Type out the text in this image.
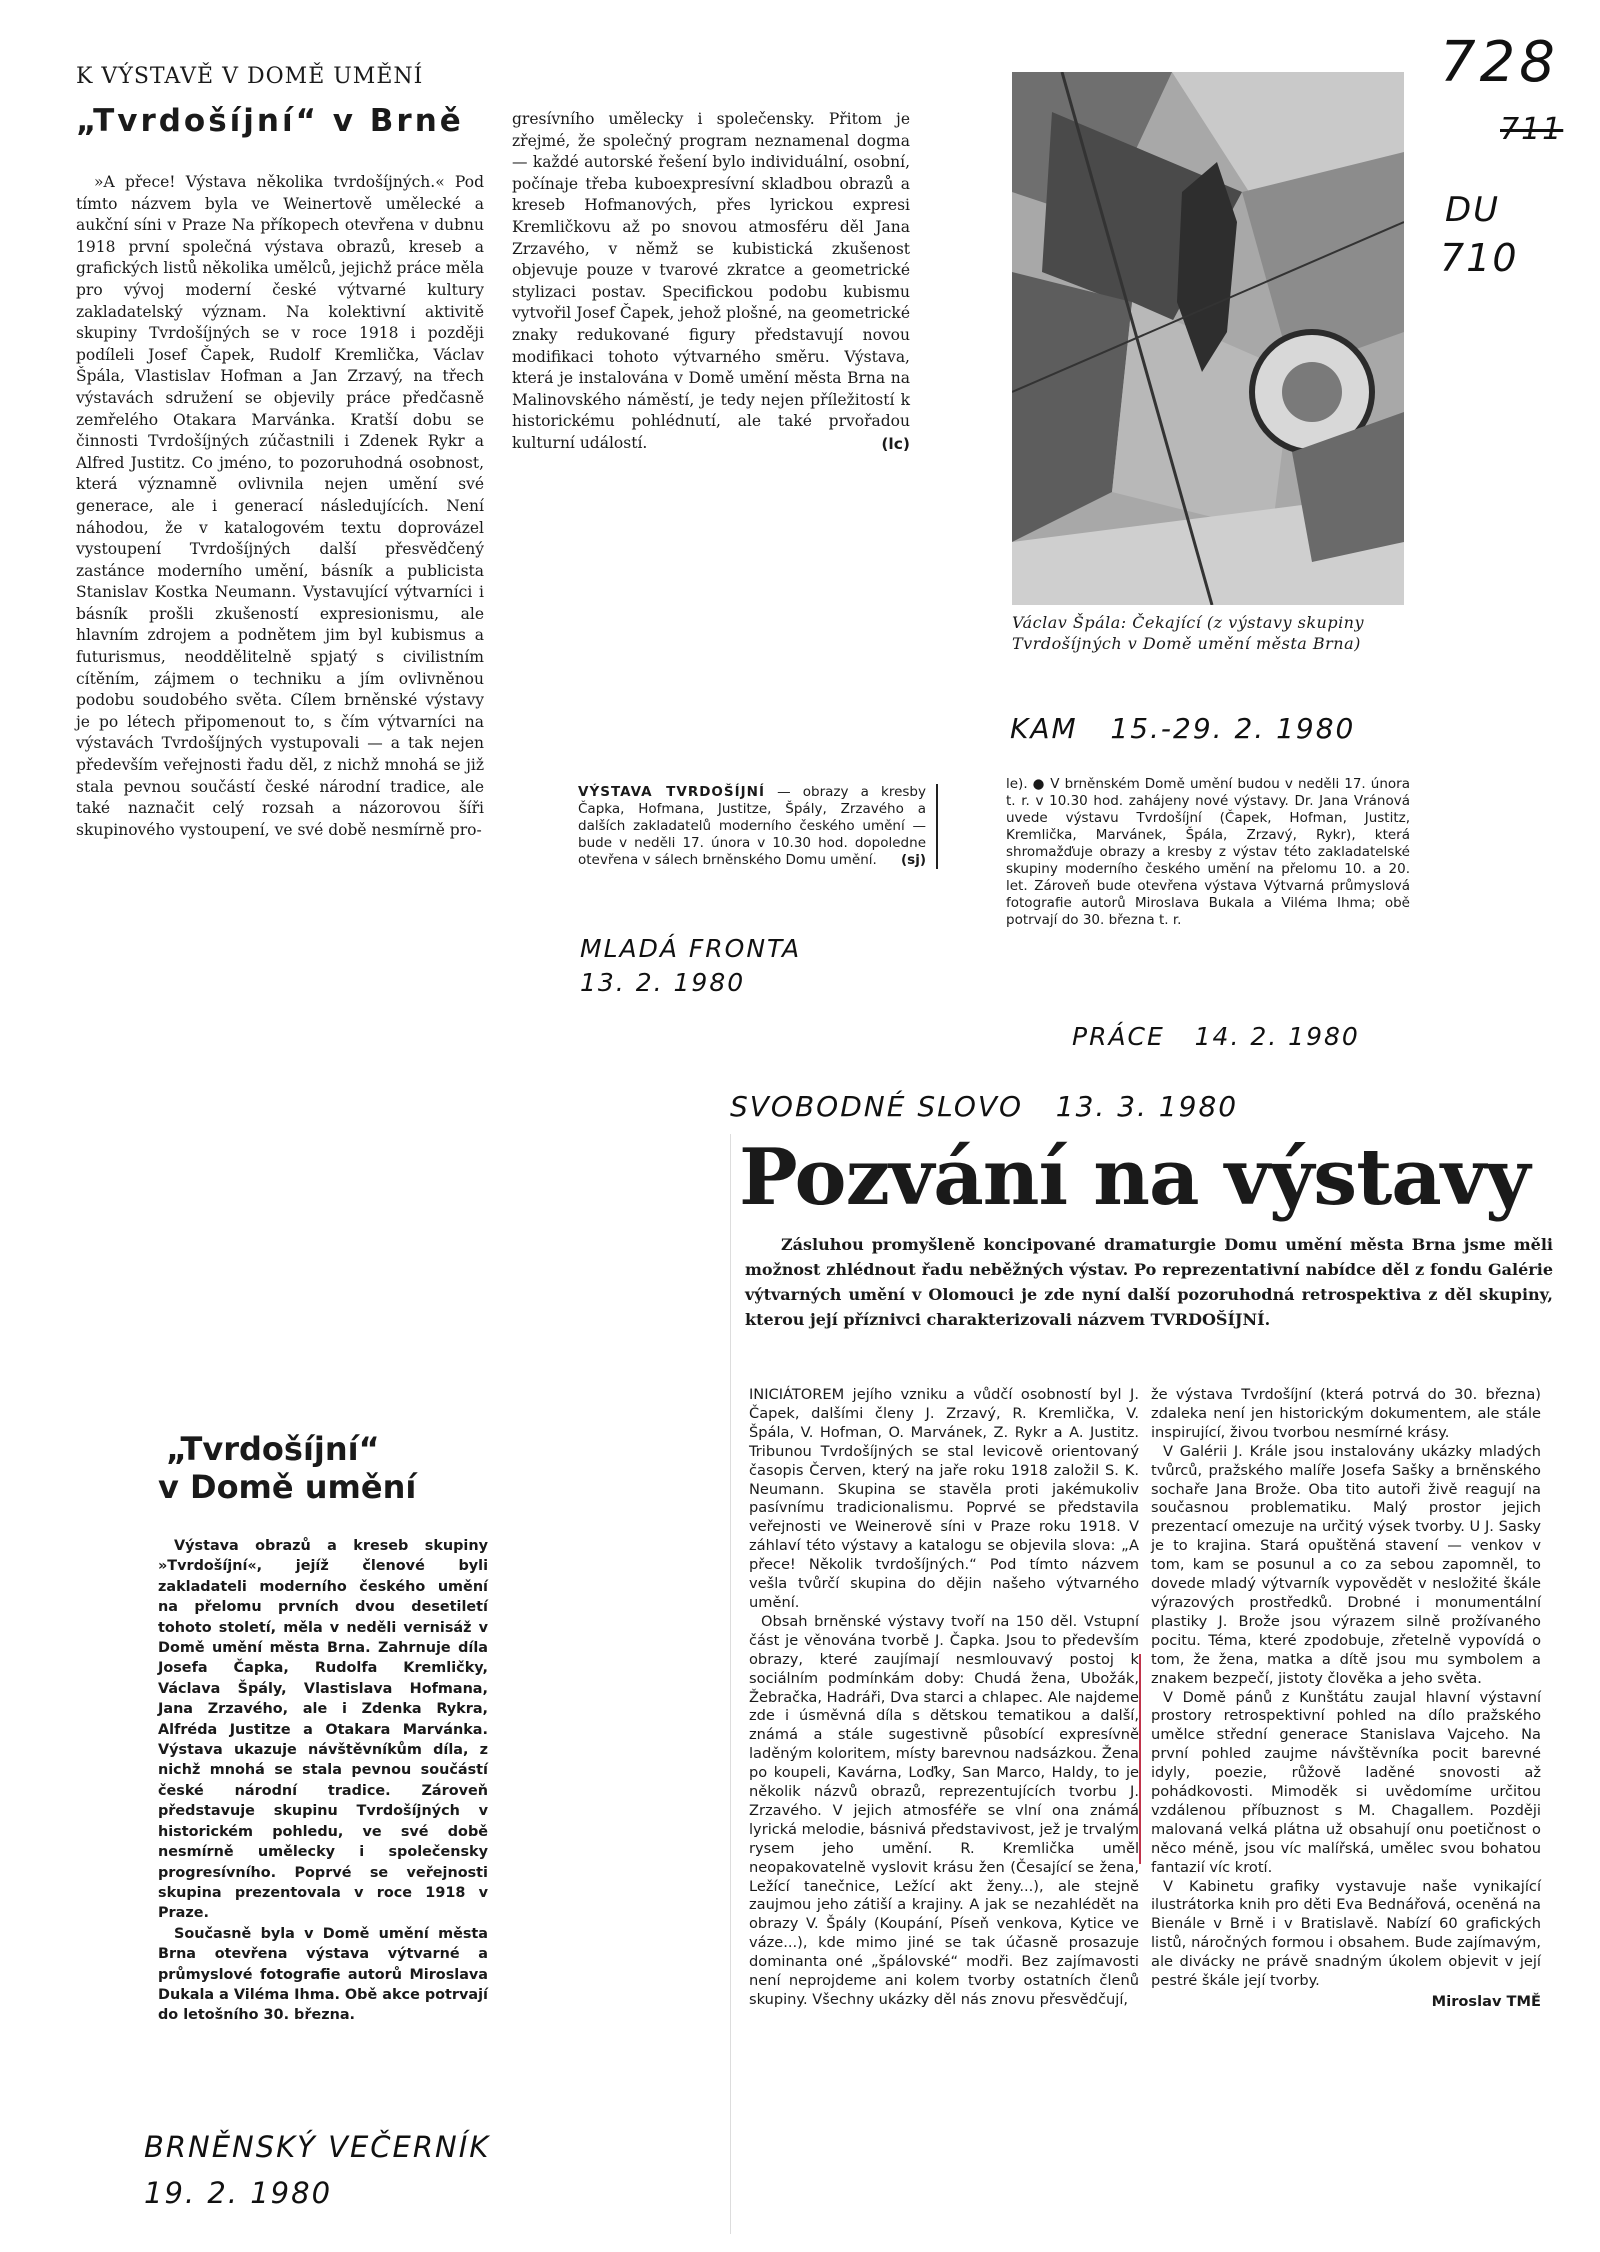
728
711
DU
710
K VÝSTAVĚ V DOMĚ UMĚNÍ
„Tvrdošíjní“ v Brně

»A přece! Výstava několika tvrdošíjných.« Pod tímto názvem byla ve Weinertově umělecké a aukční síni v Praze Na příkopech otevřena v dubnu 1918 první společná výstava obrazů, kreseb a grafických listů několika umělců, jejichž práce měla pro vývoj moderní české výtvarné kultury zakladatelský význam. Na kolektivní aktivitě skupiny Tvrdošíjných se v roce 1918 i později podíleli Josef Čapek, Rudolf Kremlička, Václav Špála, Vlastislav Hofman a Jan Zrzavý, na třech výstavách sdružení se objevily práce předčasně zemřelého Otakara Marvánka. Kratší dobu se činnosti Tvrdošíjných zúčastnili i Zdenek Rykr a Alfred Justitz. Co jméno, to pozoruhodná osobnost, která významně ovlivnila nejen umění své generace, ale i generací následujících. Není náhodou, že v katalogovém textu doprovázel vystoupení Tvrdošíjných další přesvědčený zastánce moderního umění, básník a publicista Stanislav Kostka Neumann. Vystavující výtvarníci i básník prošli zkušeností expresionismu, ale hlavním zdrojem a podnětem jim byl kubismus a futurismus, neoddělitelně spjatý s civilistním cítěním, zájmem o techniku a jím ovlivněnou podobu soudobého světa. Cílem brněnské výstavy je po létech připomenout to, s čím výtvarníci na výstavách Tvrdošíjných vystupovali — a tak nejen především veřejnosti řadu děl, z nichž mnohá se již stala pevnou součástí české národní tradice, ale také naznačit celý rozsah a názorovou šíři skupinového vystoupení, ve své době nesmírně pro-

gresívního umělecky i společensky. Přitom je zřejmé, že společný program neznamenal dogma — každé autorské řešení bylo individuální, osobní, počínaje třeba kuboexpresívní skladbou obrazů a kreseb Hofmanových, přes lyrickou expresi Kremličkovu až po snovou atmosféru děl Jana Zrzavého, v němž se kubistická zkušenost objevuje pouze v tvarové zkratce a geometrické stylizaci postav. Specifickou podobu kubismu vytvořil Josef Čapek, jehož plošné, na geometrické znaky redukované figury představují novou modifikaci tohoto výtvarného směru. Výstava, která je instalována v Domě umění města Brna na Malinovského náměstí, je tedy nejen příležitostí k historickému pohlédnutí, ale také prvořadou kulturní událostí.	(lc)
Václav Špála: Čekající (z výstavy skupiny Tvrdošíjných v Domě umění města Brna)
KAM 15.-29. 2. 1980
VÝSTAVA TVRDOŠÍJNÍ — obrazy a kresby Čapka, Hofmana, Justitze, Špály, Zrzavého a dalších zakladatelů moderního českého umění — bude v neděli 17. února v 10.30 hod. dopoledne otevřena v sálech brněnského Domu umění. (sj)
MLADÁ FRONTA
13. 2. 1980

le). ● V brněnském Domě umění budou v neděli 17. února t. r. v 10.30 hod. zahájeny nové výstavy. Dr. Jana Vránová uvede výstavu Tvrdošíjní (Čapek, Hofman, Justitz, Kremlička, Marvánek, Špála, Zrzavý, Rykr), která shromažďuje obrazy a kresby z výstav této zakladatelské skupiny moderního českého umění na přelomu 10. a 20. let. Zároveň bude otevřena výstava Výtvarná průmyslová fotografie autorů Miroslava Bukala a Viléma Ihma; obě potrvají do 30. března t. r.

PRÁCE 14. 2. 1980
SVOBODNÉ SLOVO 13. 3. 1980
Pozvání na výstavy
Zásluhou promyšleně koncipované dramaturgie Domu umění města Brna jsme měli možnost zhlédnout řadu neběžných výstav. Po reprezentativní nabídce děl z fondu Galérie výtvarných umění v Olomouci je zde nyní další pozoruhodná retrospektiva z děl skupiny, kterou její příznivci charakterizovali názvem TVRDOŠÍJNÍ.

INICIÁTOREM jejího vzniku a vůdčí osobností byl J. Čapek, dalšími členy J. Zrzavý, R. Kremlička, V. Špála, V. Hofman, O. Marvánek, Z. Rykr a A. Justitz. Tribunou Tvrdošíjných se stal levicově orientovaný časopis Červen, který na jaře roku 1918 založil S. K. Neumann. Skupina se stavěla proti jakémukoliv pasívnímu tradicionalismu. Poprvé se představila veřejnosti ve Weinerově síni v Praze roku 1918. V záhlaví této výstavy a katalogu se objevila slova: „A přece! Několik tvrdošíjných.“ Pod tímto názvem vešla tvůrčí skupina do dějin našeho výtvarného umění.

Obsah brněnské výstavy tvoří na 150 děl. Vstupní část je věnována tvorbě J. Čapka. Jsou to především obrazy, které zaujímají nesmlouvavý postoj k sociálním podmínkám doby: Chudá žena, Ubožák, Žebračka, Hadráři, Dva starci a chlapec. Ale najdeme zde i úsměvná díla s dětskou tematikou a další, známá a stále sugestivně působící expresívně laděným koloritem, místy barevnou nadsázkou. Žena po koupeli, Kavárna, Loďky, San Marco, Haldy, to je několik názvů obrazů, reprezentujících tvorbu J. Zrzavého. V jejich atmosféře se vlní ona známá lyrická melodie, básnivá představivost, jež je trvalým rysem jeho umění. R. Kremlička uměl neopakovatelně vyslovit krásu žen (Česající se žena, Ležící tanečnice, Ležící akt ženy...), ale stejně zaujmou jeho zátiší a krajiny. A jak se nezahlédět na obrazy V. Špály (Koupání, Píseň venkova, Kytice ve váze...), kde mimo jiné se tak účasně prosazuje dominanta oné „špálovské“ modři. Bez zajímavosti není neprojdeme ani kolem tvorby ostatních členů skupiny. Všechny ukázky děl nás znovu přesvědčují,

že výstava Tvrdošíjní (která potrvá do 30. března) zdaleka není jen historickým dokumentem, ale stále inspirující, živou tvorbou nesmírné krásy.

V Galérii J. Krále jsou instalovány ukázky mladých tvůrců, pražského malíře Josefa Sašky a brněnského sochaře Jana Brože. Oba tito autoři živě reagují na současnou problematiku. Malý prostor jejich prezentací omezuje na určitý výsek tvorby. U J. Sasky je to krajina. Stará opuštěná stavení — venkov v tom, kam se posunul a co za sebou zapomněl, to dovede mladý výtvarník vypovědět v nesložité škále výrazových prostředků. Drobné i monumentální plastiky J. Brože jsou výrazem silně prožívaného pocitu. Téma, které zpodobuje, zřetelně vypovídá o tom, že žena, matka a dítě jsou mu symbolem a znakem bezpečí, jistoty člověka a jeho světa.

V Domě pánů z Kunštátu zaujal hlavní výstavní prostory retrospektivní pohled na dílo pražského umělce střední generace Stanislava Vajceho. Na první pohled zaujme návštěvníka pocit barevné idyly, poezie, růžově laděné snovosti až pohádkovosti. Mimoděk si uvědomíme určitou vzdálenou příbuznost s M. Chagallem. Později malovaná velká plátna už obsahují onu poetičnost o něco méně, jsou víc malířská, umělec svou bohatou fantazií víc krotí.

V Kabinetu grafiky vystavuje naše vynikající ilustrátorka knih pro děti Eva Bednářová, oceněná na Bienále v Brně i v Bratislavě. Nabízí 60 grafických listů, náročných formou i obsahem. Bude zajímavým, ale divácky ne právě snadným úkolem objevit v její pestré škále její tvorby.

Miroslav TMĚ
„Tvrdošíjní“
v Domě umění

Výstava obrazů a kreseb skupiny »Tvrdošíjní«, jejíž členové byli zakladateli moderního českého umění na přelomu prvních dvou desetiletí tohoto století, měla v neděli vernisáž v Domě umění města Brna. Zahrnuje díla Josefa Čapka, Rudolfa Kremličky, Václava Špály, Vlastislava Hofmana, Jana Zrzavého, ale i Zdenka Rykra, Alfréda Justitze a Otakara Marvánka. Výstava ukazuje návštěvníkům díla, z nichž mnohá se stala pevnou součástí české národní tradice. Zároveň představuje skupinu Tvrdošíjných v historickém pohledu, ve své době nesmírně umělecky i společensky progresívního. Poprvé se veřejnosti skupina prezentovala v roce 1918 v Praze.

Současně byla v Domě umění města Brna otevřena výstava výtvarné a průmyslové fotografie autorů Miroslava Dukala a Viléma Ihma. Obě akce potrvají do letošního 30. března.

BRNĚNSKÝ VEČERNÍK
19. 2. 1980
